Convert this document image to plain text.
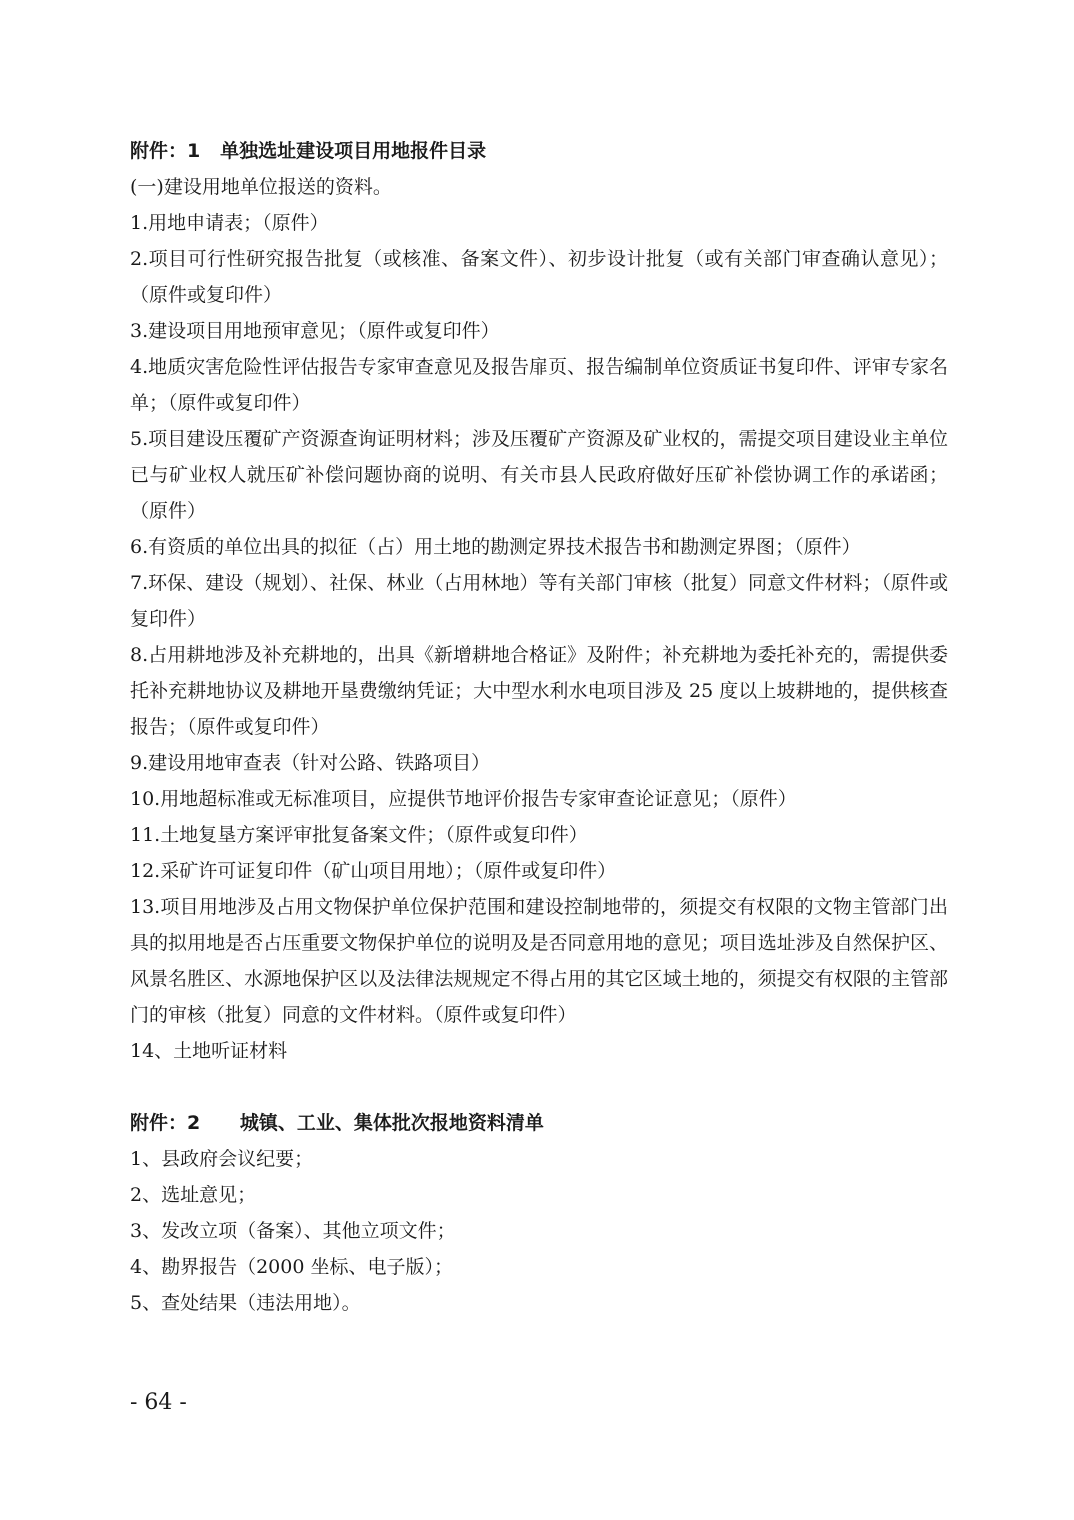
附件：1   单独选址建设项目用地报件目录

(一)建设用地单位报送的资料。

1.用地申请表；（原件）

2.项目可行性研究报告批复（或核准、备案文件）、初步设计批复（或有关部门审查确认意见）；（原件或复印件）

3.建设项目用地预审意见；（原件或复印件）

4.地质灾害危险性评估报告专家审查意见及报告扉页、报告编制单位资质证书复印件、评审专家名单；（原件或复印件）

5.项目建设压覆矿产资源查询证明材料；涉及压覆矿产资源及矿业权的，需提交项目建设业主单位已与矿业权人就压矿补偿问题协商的说明、有关市县人民政府做好压矿补偿协调工作的承诺函；（原件）

6.有资质的单位出具的拟征（占）用土地的勘测定界技术报告书和勘测定界图；（原件）

7.环保、建设（规划）、社保、林业（占用林地）等有关部门审核（批复）同意文件材料；（原件或复印件）

8.占用耕地涉及补充耕地的，出具《新增耕地合格证》及附件；补充耕地为委托补充的，需提供委托补充耕地协议及耕地开垦费缴纳凭证；大中型水利水电项目涉及 25 度以上坡耕地的，提供核查报告；（原件或复印件）

9.建设用地审查表（针对公路、铁路项目）

10.用地超标准或无标准项目，应提供节地评价报告专家审查论证意见；（原件）

11.土地复垦方案评审批复备案文件；（原件或复印件）

12.采矿许可证复印件（矿山项目用地）；（原件或复印件）

13.项目用地涉及占用文物保护单位保护范围和建设控制地带的，须提交有权限的文物主管部门出具的拟用地是否占压重要文物保护单位的说明及是否同意用地的意见；项目选址涉及自然保护区、风景名胜区、水源地保护区以及法律法规规定不得占用的其它区域土地的，须提交有权限的主管部门的审核（批复）同意的文件材料。（原件或复印件）

14、土地听证材料

附件：2      城镇、工业、集体批次报地资料清单

1、县政府会议纪要；

2、选址意见；

3、发改立项（备案）、其他立项文件；

4、勘界报告（2000 坐标、电子版）；

5、查处结果（违法用地）。

- 64 -
